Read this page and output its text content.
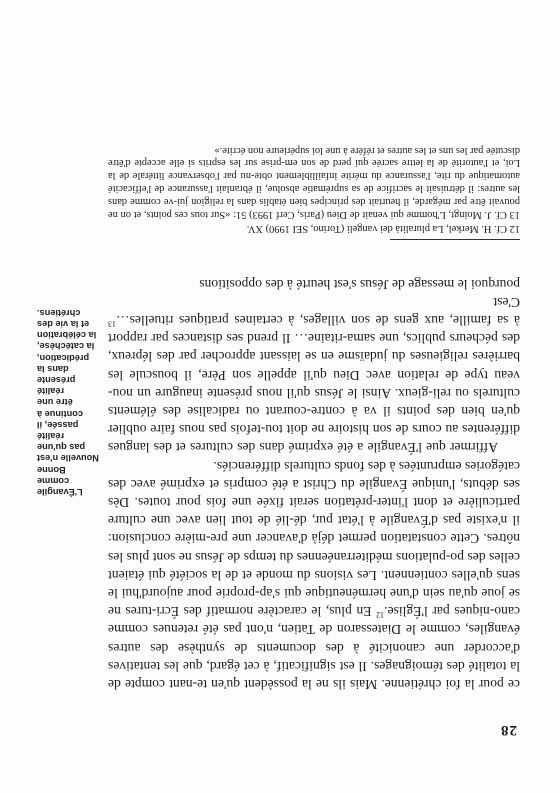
28

ce pour la foi chrétienne. Mais ils ne la possèdent qu'en te-nant compte de la totalité des témoignages. Il est significatif, à cet égard, que les tentatives d'accorder une canonicité à des documents de synthèse des autres évangiles, comme le Diatessaron de Tatien, n'ont pas été retenues comme cano-niques par l'Église.$^{12}$ En plus, le caractère normatif des Écri-tures ne se joue qu'au sein d'une herméneutique qui s'ap-proprie pour aujourd'hui le sens qu'elles contiennent. Les visions du monde et de la société qui étaient celles des po-pulations méditerranéennes du temps de Jésus ne sont plus les nôtres. Cette constatation permet déjà d'avancer une pre-mière conclusion: il n'existe pas d'Évangile à l'état pur, dé-lié de tout lien avec une culture particulière et dont l'inter-prétation serait fixée une fois pour toutes. Dès ses débuts, l'unique Évangile du Christ a été compris et exprimé avec des catégories empruntées à des fonds culturels différenciés.

Affirmer que l'Évangile a été exprimé dans des cultures et des langues différentes au cours de son histoire ne doit tou-tefois pas nous faire oublier qu'en bien des points il va à contre-courant ou radicalise des éléments culturels ou reli-gieux. Ainsi le Jésus qu'il nous présente inaugure un nou-veau type de relation avec Dieu qu'il appelle son Père, il bouscule les barrières religieuses du judaïsme en se laissant approcher par des lépreux, des pécheurs publics, une sama-ritaine… Il prend ses distances par rapport à sa famille, aux gens de son villages, à certaines pratiques rituelles…$^{13}$ C'est

pourquoi le message de Jésus s'est heurté à des oppositions

12 Cf. H. Merkel, La pluralità dei vangeli (Torino, SEI 1990) XV.

13 Cf. J. Moingt, L'homme qui venait de Dieu (Paris, Cerf 1993) 51: «Sur tous ces points, et on ne pouvait être par mégarde, il heurtait des principes bien établis dans la religion jui-ve comme dans les autres: il détruisait le sacrifice de sa suprématie absolue, il ébranlait l'assurance de l'efficacité automatique du rite, l'assurance du mérite infailliblement obte-nu par l'observance littérale de la Loi, et l'autorité de la lettre sacrée qui perd de son em-prise sur les esprits si elle accepte d'être discutée par les uns et les autres et réfère à une loi supérieure non écrite.»

L'Évangile comme Bonne Nouvelle n'est pas qu'une réalité passée, il continue à être une réalité présente dans la prédication, la catéchèse, la célébration et la vie des chrétiens.
